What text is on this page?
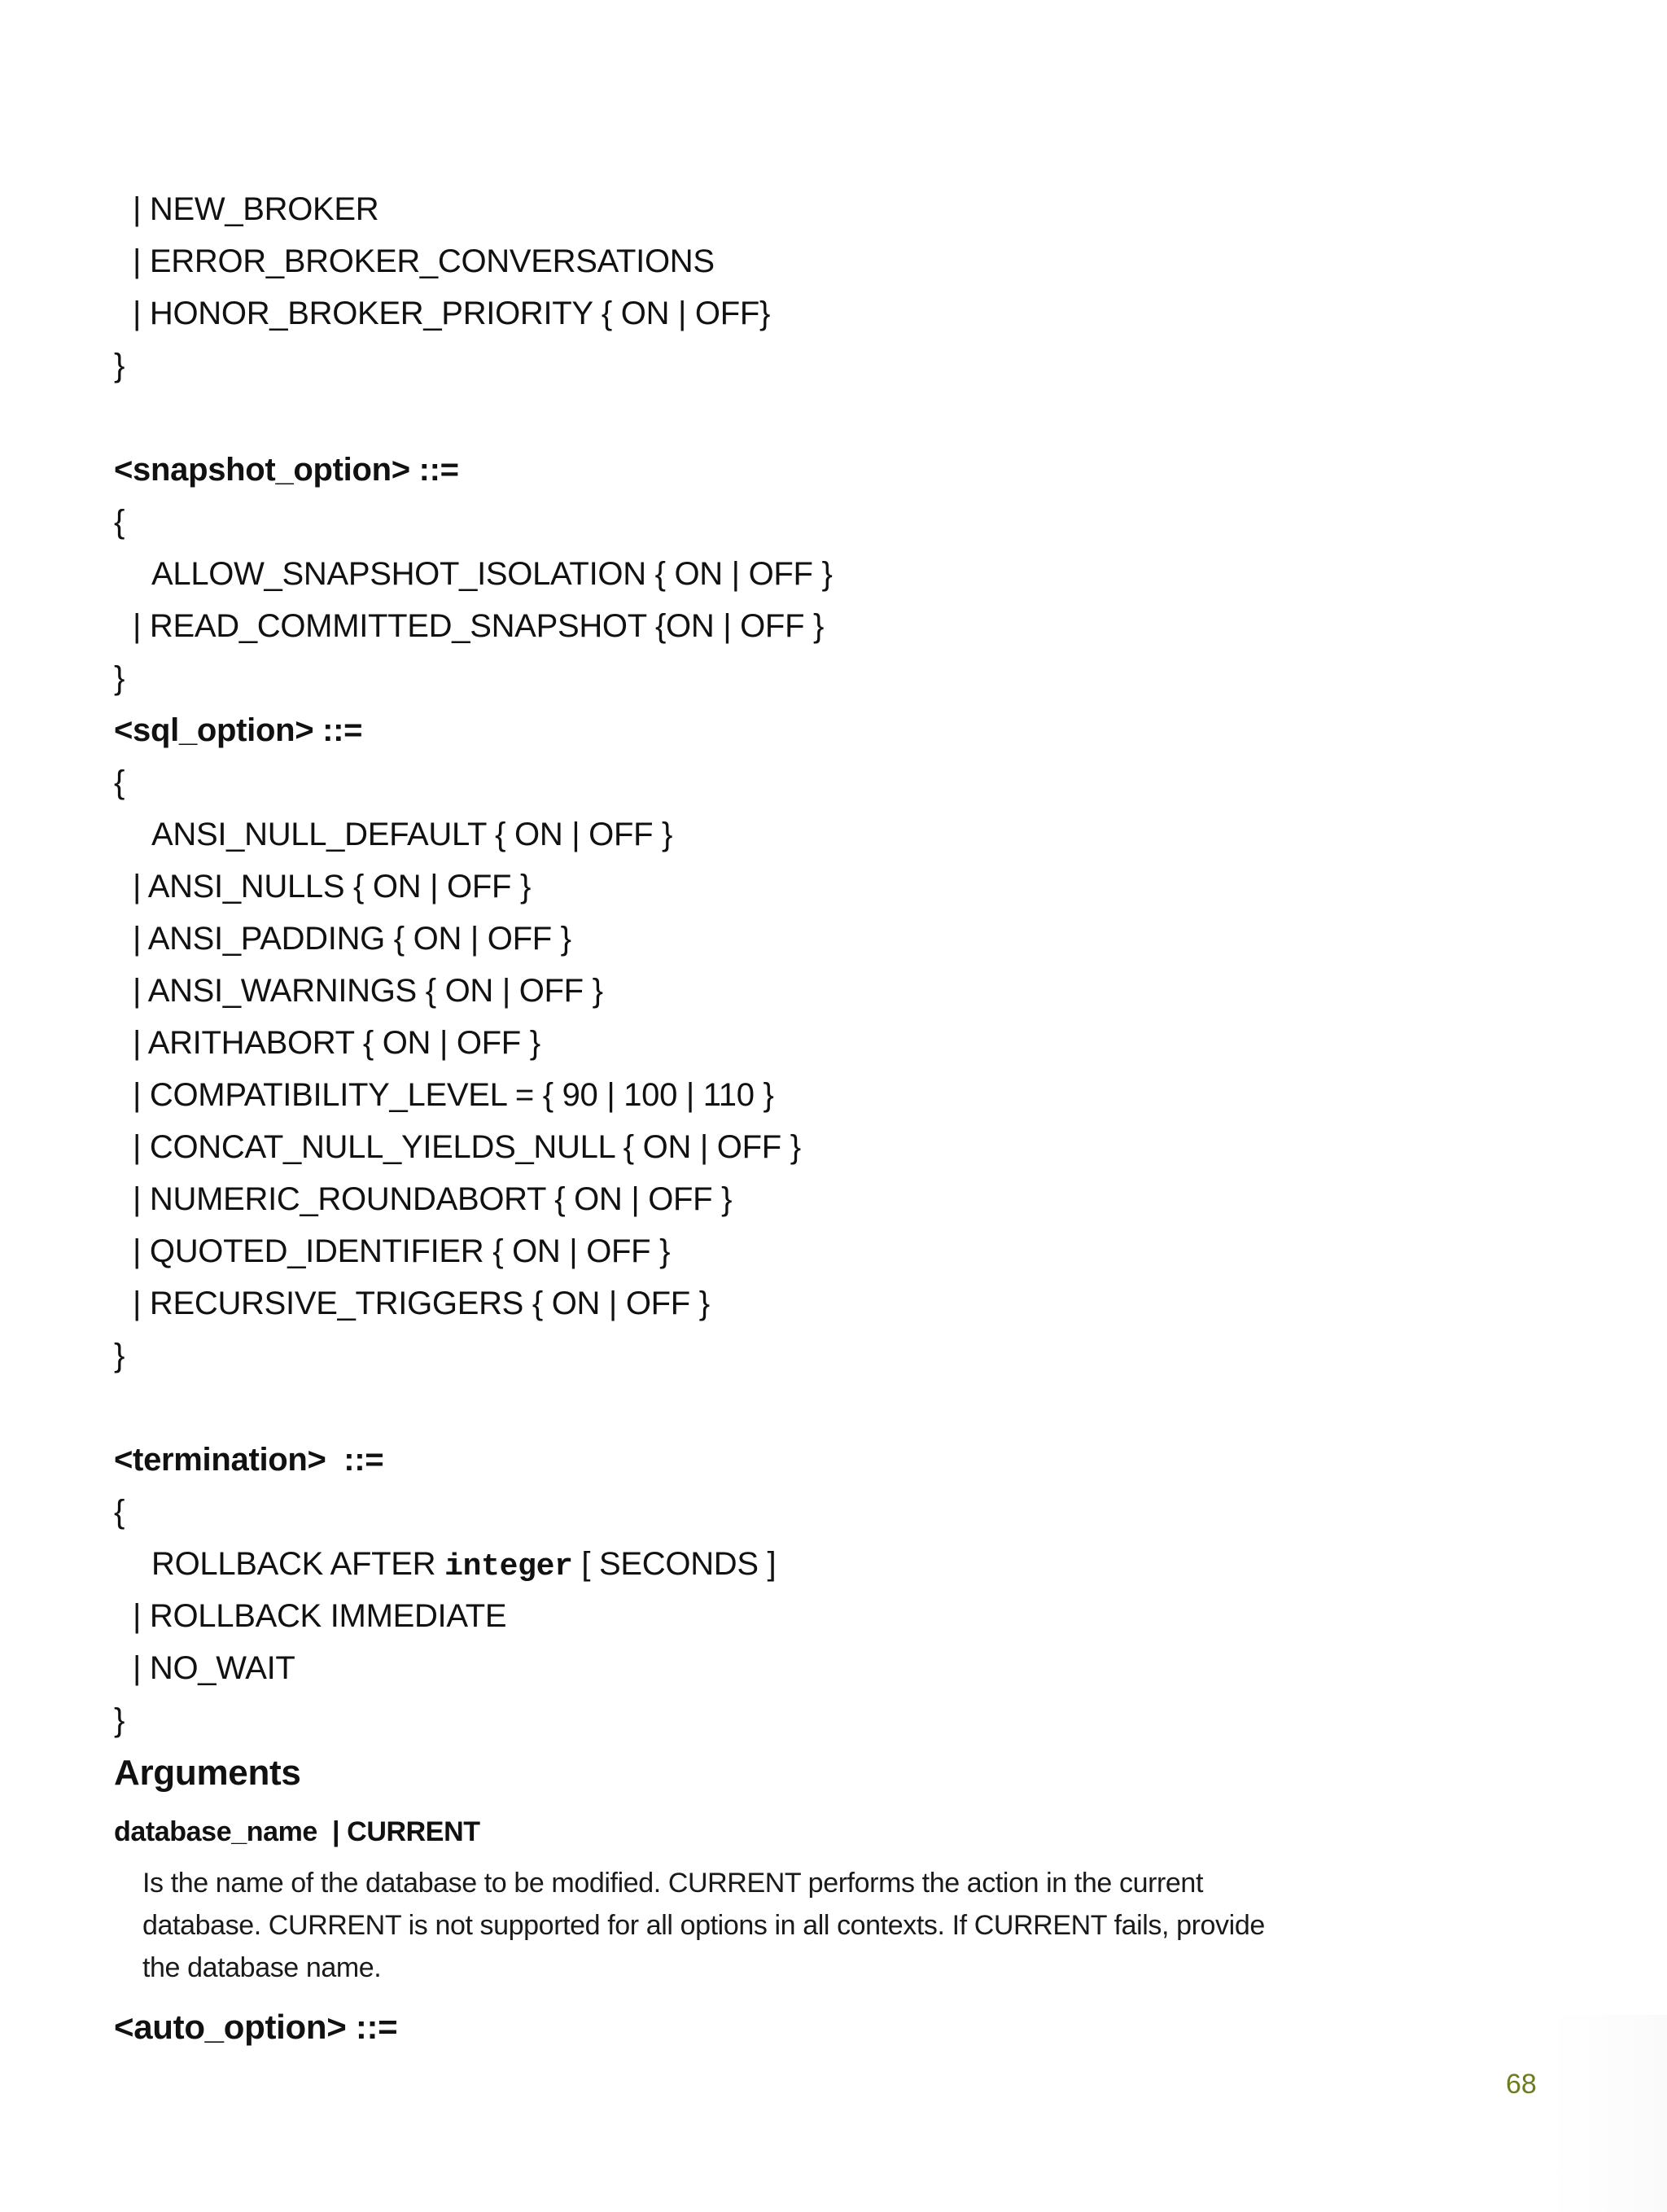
| NEW_BROKER
| ERROR_BROKER_CONVERSATIONS
| HONOR_BROKER_PRIORITY { ON | OFF}
}
<snapshot_option> ::=
{
ALLOW_SNAPSHOT_ISOLATION { ON | OFF }
| READ_COMMITTED_SNAPSHOT {ON | OFF }
}
<sql_option> ::=
{
ANSI_NULL_DEFAULT { ON | OFF }
| ANSI_NULLS { ON | OFF }
| ANSI_PADDING { ON | OFF }
| ANSI_WARNINGS { ON | OFF }
| ARITHABORT { ON | OFF }
| COMPATIBILITY_LEVEL = { 90 | 100 | 110 }
| CONCAT_NULL_YIELDS_NULL { ON | OFF }
| NUMERIC_ROUNDABORT { ON | OFF }
| QUOTED_IDENTIFIER { ON | OFF }
| RECURSIVE_TRIGGERS { ON | OFF }
}
<termination>  ::=
{
ROLLBACK AFTER integer [ SECONDS ]
| ROLLBACK IMMEDIATE
| NO_WAIT
}
Arguments
database_name  | CURRENT
Is the name of the database to be modified. CURRENT performs the action in the current database. CURRENT is not supported for all options in all contexts. If CURRENT fails, provide the database name.
<auto_option> ::=
68
